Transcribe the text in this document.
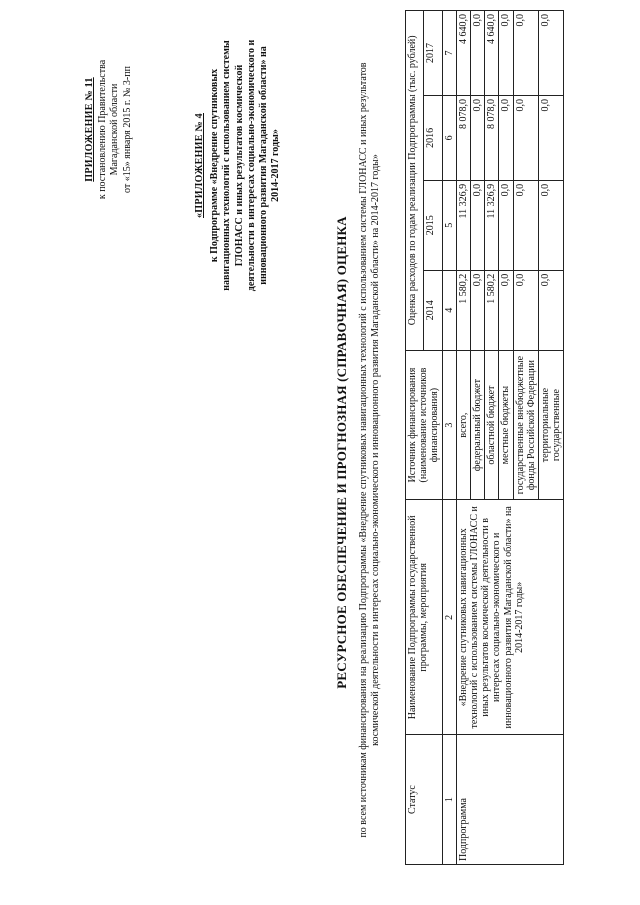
ПРИЛОЖЕНИЕ № 11 к постановлению Правительства Магаданской области от «15» января 2015 г. № 3-пп	«ПРИЛОЖЕНИЕ № 4 к Подпрограмме «Внедрение спутниковых навигационных технологий с использованием системы ГЛОНАСС и иных результатов космической деятельности в интересах социально-экономического и инновационного развития Магаданской области» на 2014-2017 годы»
РЕСУРСНОЕ ОБЕСПЕЧЕНИЕ И ПРОГНОЗНАЯ (СПРАВОЧНАЯ) ОЦЕНКА по всем источникам финансирования на реализацию Подпрограммы «Внедрение спутниковых навигационных технологий с использованием системы ГЛОНАСС и иных результатов космической деятельности в интересах социально-экономического и инновационного развития Магаданской области» на 2014-2017 годы»
Статус	Наименование Подпрограммы государственной программы, мероприятия	Источник финансирования (наименование источников финансирования)	Оценка расходов по годам реализации Подпрограммы (тыс. рублей)			
			2014	2015	2016	2017
1	2	3	4	5	6	7
Подпрограмма	«Внедрение спутниковых навигационных технологий с использованием системы ГЛОНАСС и иных результатов космической деятельности в интересах социально-экономического и инновационного развития Магаданской области» на 2014-2017 годы»	всего,	1 580,2	11 326,9	8 078,0	4 640,0
		федеральный бюджет	0,0	0,0	0,0	0,0
		областной бюджет	1 580,2	11 326,9	8 078,0	4 640,0
		местные бюджеты	0,0	0,0	0,0	0,0
		государственные внебюджетные фонды Российской Федерации	0,0	0,0	0,0	0,0
		территориальные государственные	0,0	0,0	0,0	0,0
